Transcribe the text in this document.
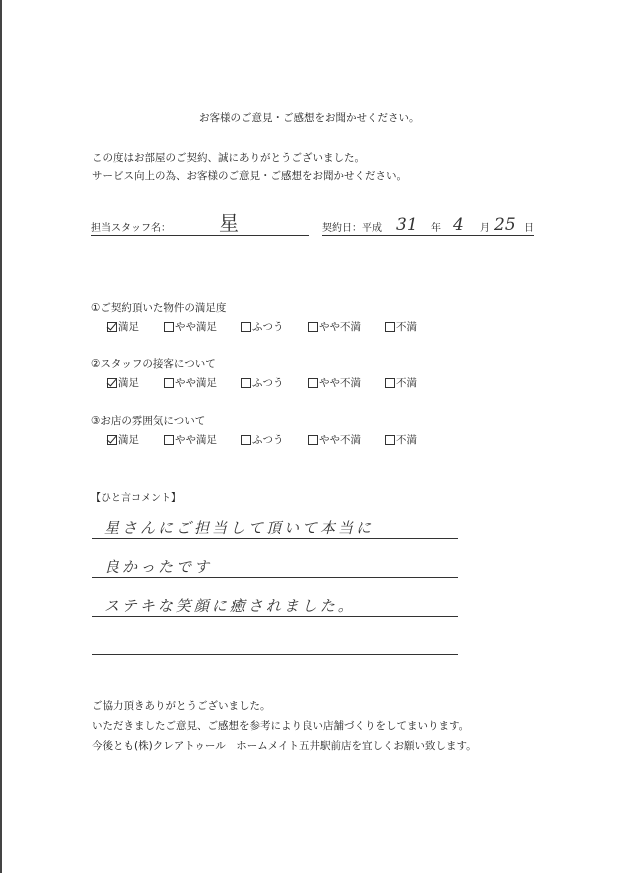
お客様のご意見・ご感想をお聞かせください。
この度はお部屋のご契約、誠にありがとうございました。
サービス向上の為、お客様のご意見・ご感想をお聞かせください。
担当スタッフ名： 星	契約日：平成 31 年 4 月 25 日
①ご契約頂いた物件の満足度
満足	やや満足	ふつう	やや不満	不満
②スタッフの接客について
満足	やや満足	ふつう	やや不満	不満
③お店の雰囲気について
満足	やや満足	ふつう	やや不満	不満
【ひと言コメント】
星さんにご担当して頂いて本当に
良かったです
ステキな笑顔に癒されました。
ご協力頂きありがとうございました。
いただきましたご意見、ご感想を参考により良い店舗づくりをしてまいります。
今後とも(株)クレアトゥール　ホームメイト五井駅前店を宜しくお願い致します。
